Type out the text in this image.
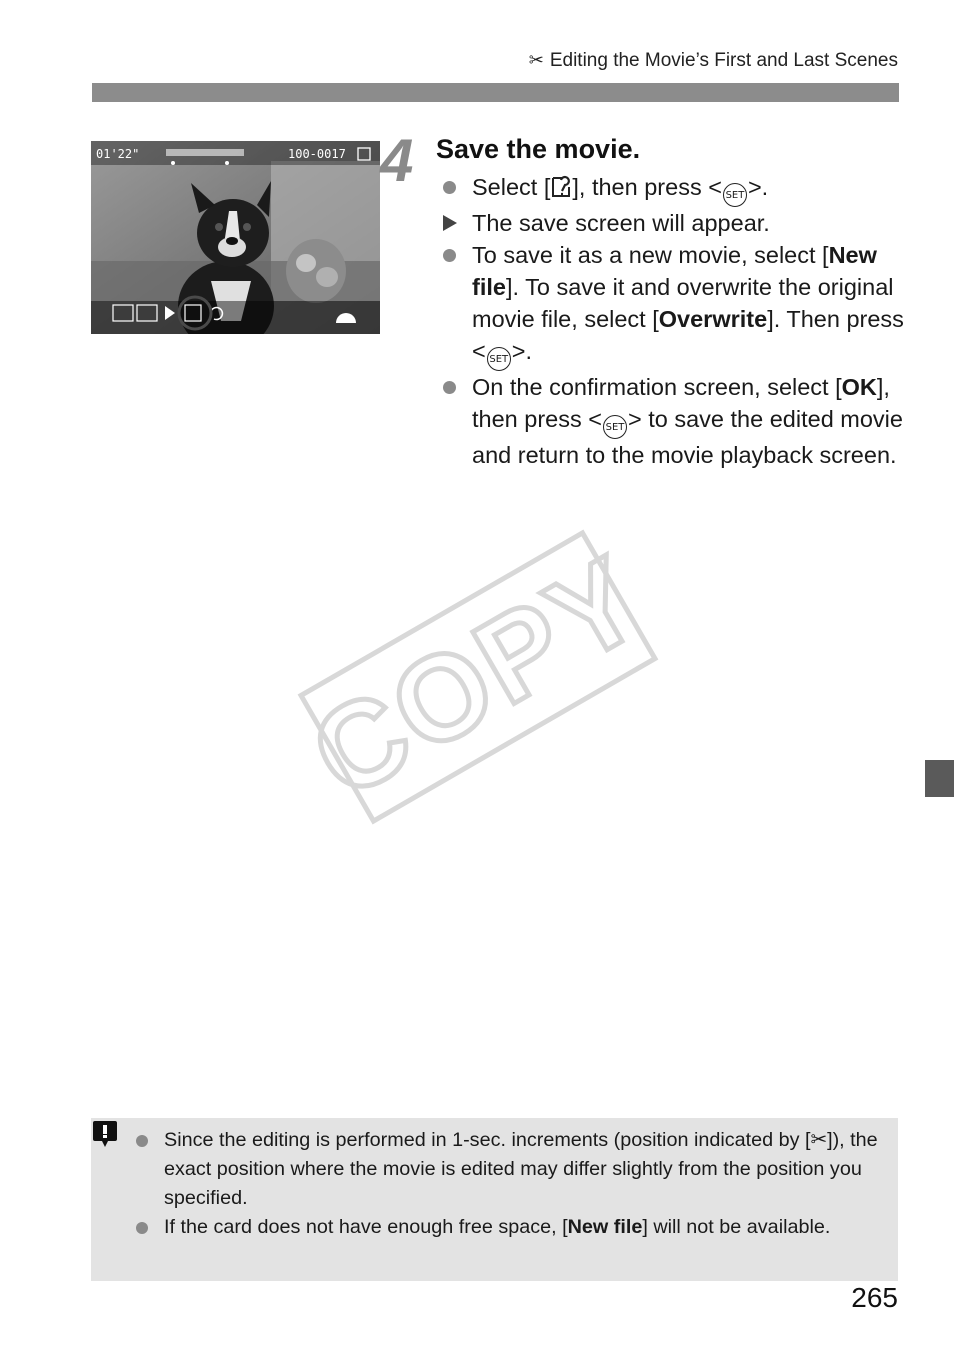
✂ Editing the Movie’s First and Last Scenes
01'22"	100-0017 4 Save the movie.
Select [ ], then press < SET >.
The save screen will appear.
To save it as a new movie, select [New file]. To save it and overwrite the original movie file, select [Overwrite]. Then press < SET >.
On the confirmation screen, select [OK], then press < SET > to save the edited movie and return to the movie playback screen.
COPY
Since the editing is performed in 1-sec. increments (position indicated by [✂]), the exact position where the movie is edited may differ slightly from the position you specified.
If the card does not have enough free space, [New file] will not be available.
265
